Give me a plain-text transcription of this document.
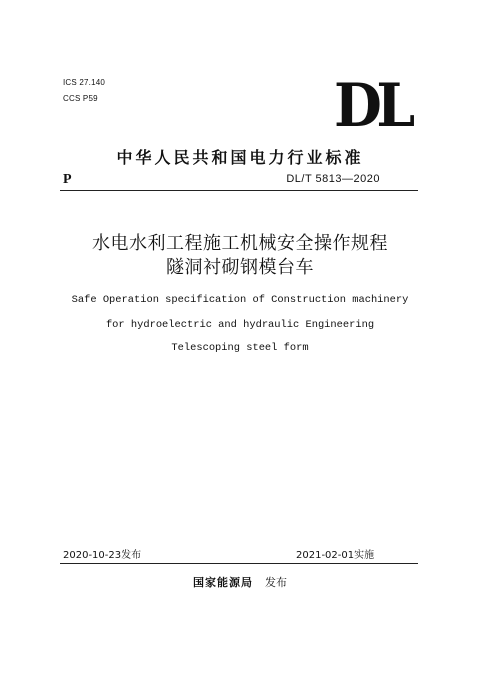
ICS 27.140
CCS P59	DL
中华人民共和国电力行业标准
P	DL/T 5813—2020
水电水利工程施工机械安全操作规程
隧洞衬砌钢模台车
Safe Operation specification of Construction machinery
for hydroelectric and hydraulic Engineering
Telescoping steel form
2020-10-23发布	2021-02-01实施
国家能源局 发布
